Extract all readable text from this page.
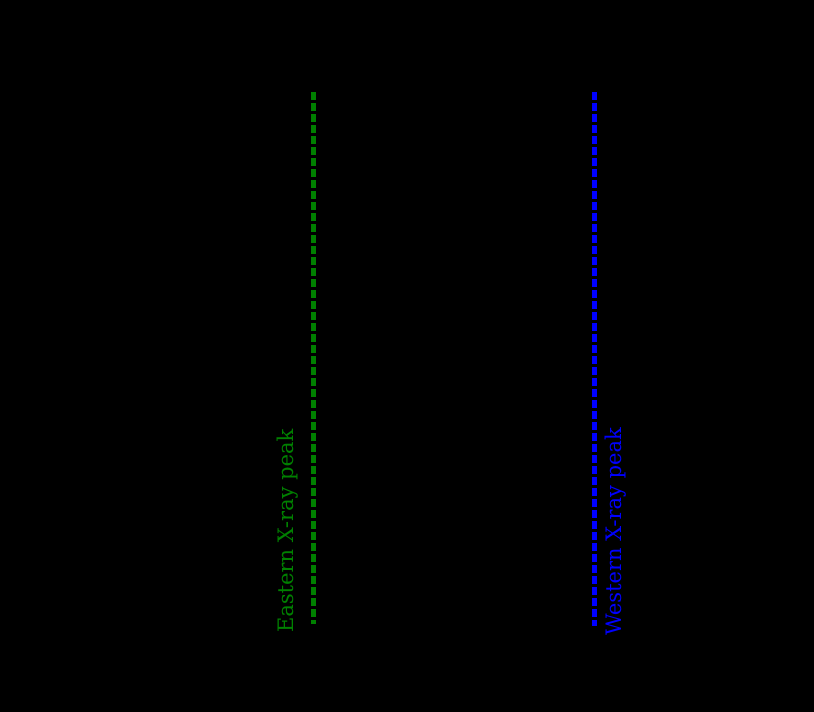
Eastern X-ray peak	Western X-ray peak
